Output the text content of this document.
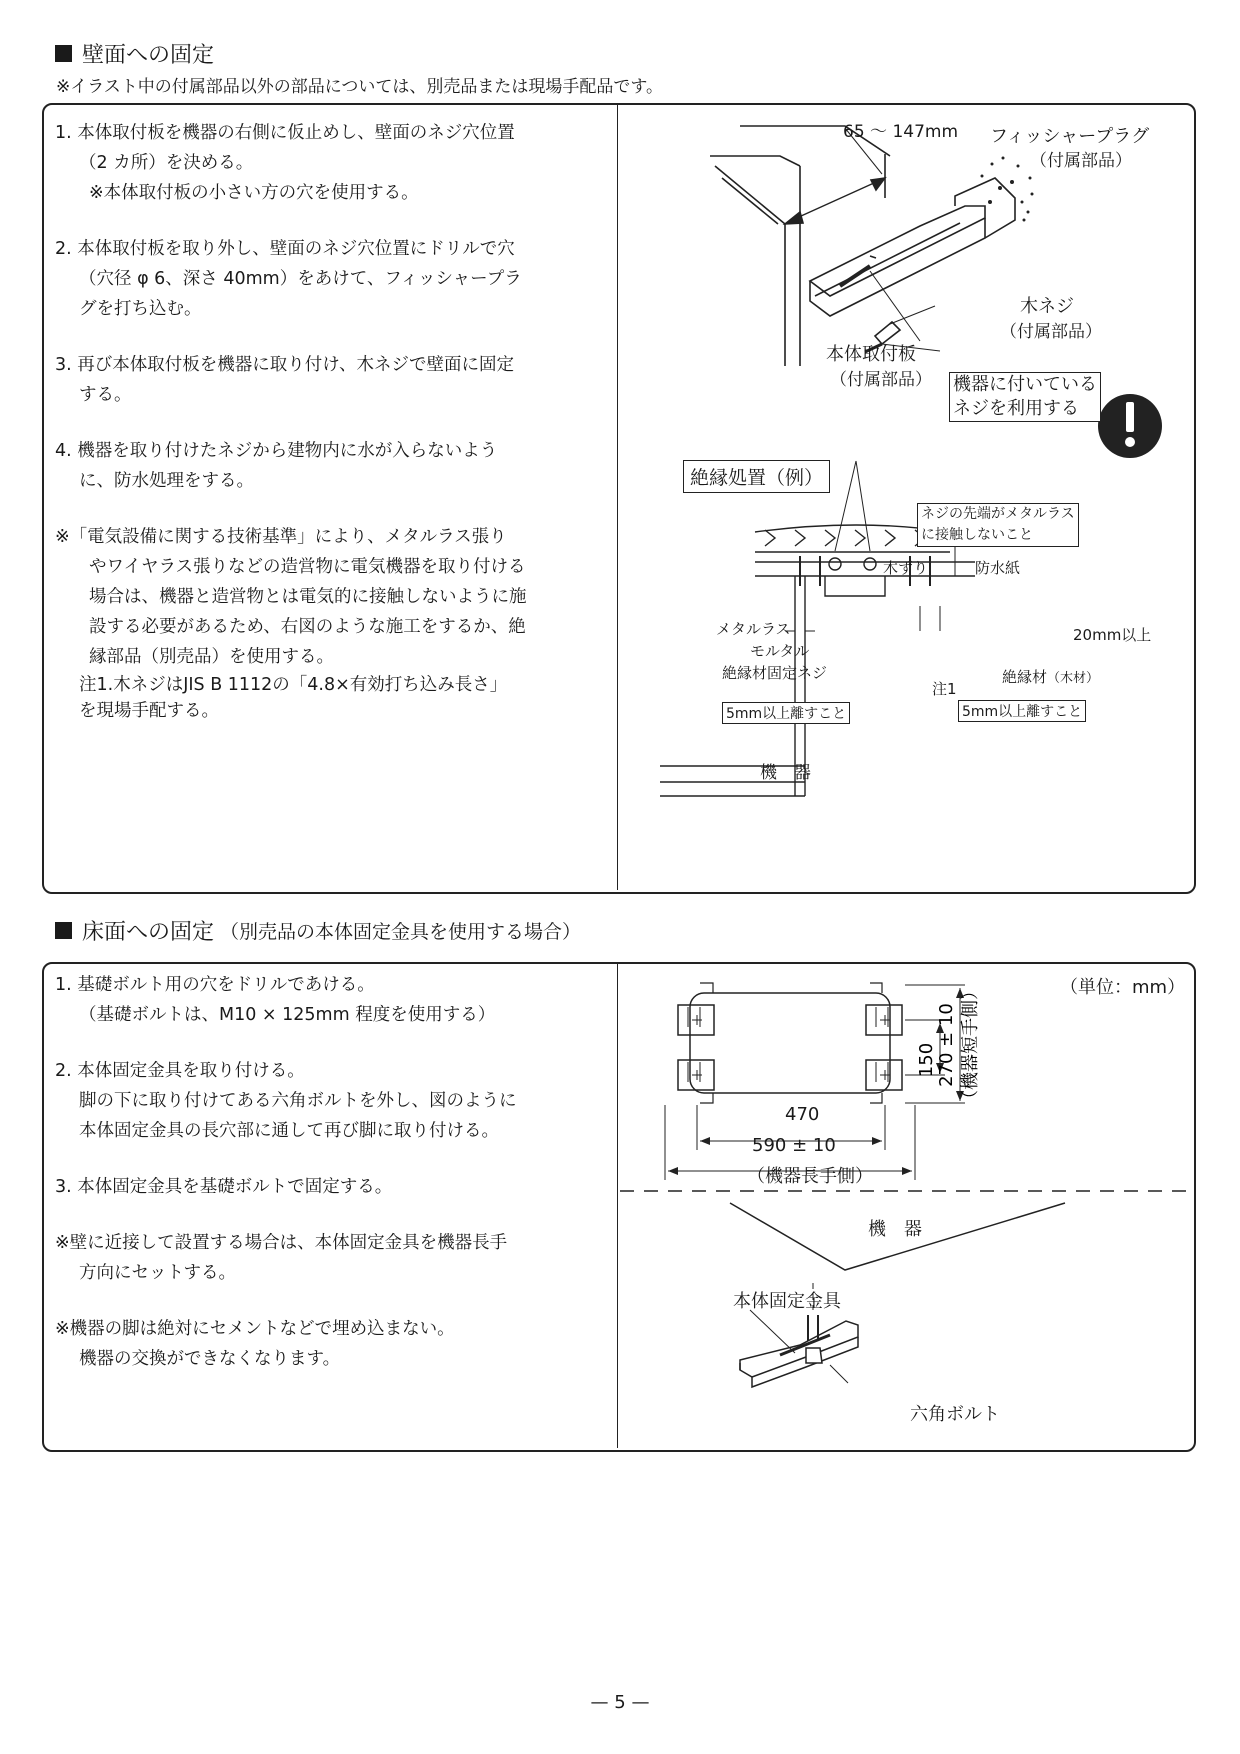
壁面への固定
※イラスト中の付属部品以外の部品については、別売品または現場手配品です。

1. 本体取付板を機器の右側に仮止めし、壁面のネジ穴位置

（2 カ所）を決める。

※本体取付板の小さい方の穴を使用する。

2. 本体取付板を取り外し、壁面のネジ穴位置にドリルで穴

（穴径 φ 6、深さ 40mm）をあけて、フィッシャープラ

グを打ち込む。

3. 再び本体取付板を機器に取り付け、木ネジで壁面に固定

する。

4. 機器を取り付けたネジから建物内に水が入らないよう

に、防水処理をする。

※「電気設備に関する技術基準」により、メタルラス張り

やワイヤラス張りなどの造営物に電気機器を取り付ける

場合は、機器と造営物とは電気的に接触しないように施

設する必要があるため、右図のような施工をするか、絶

縁部品（別売品）を使用する。

注1.木ネジはJIS B 1112の「4.8×有効打ち込み長さ」

を現場手配する。

65 〜 147mm フィッシャープラグ
（付属部品）
木ネジ
（付属部品）
本体取付板
（付属部品） 機器に付いている
ネジを利用する
絶縁処置（例）
ネジの先端がメタルラス
に接触しないこと
木ずり	防水紙
メタルラス
モルタル
絶縁材固定ネジ
20mm以上
注1
絶縁材（木材）
5mm以上離すこと	5mm以上離すこと
機　器
床面への固定 （別売品の本体固定金具を使用する場合）

1. 基礎ボルト用の穴をドリルであける。

（基礎ボルトは、M10 × 125mm 程度を使用する）

2. 本体固定金具を取り付ける。

脚の下に取り付けてある六角ボルトを外し、図のように

本体固定金具の長穴部に通して再び脚に取り付ける。

3. 本体固定金具を基礎ボルトで固定する。

※壁に近接して設置する場合は、本体固定金具を機器長手

方向にセットする。

※機器の脚は絶対にセメントなどで埋め込まない。

機器の交換ができなくなります。

150 270 ± 10 （機器短手側）	（単位：mm）
470
590 ± 10
（機器長手側）
機　器
本体固定金具
六角ボルト
— 5 —
